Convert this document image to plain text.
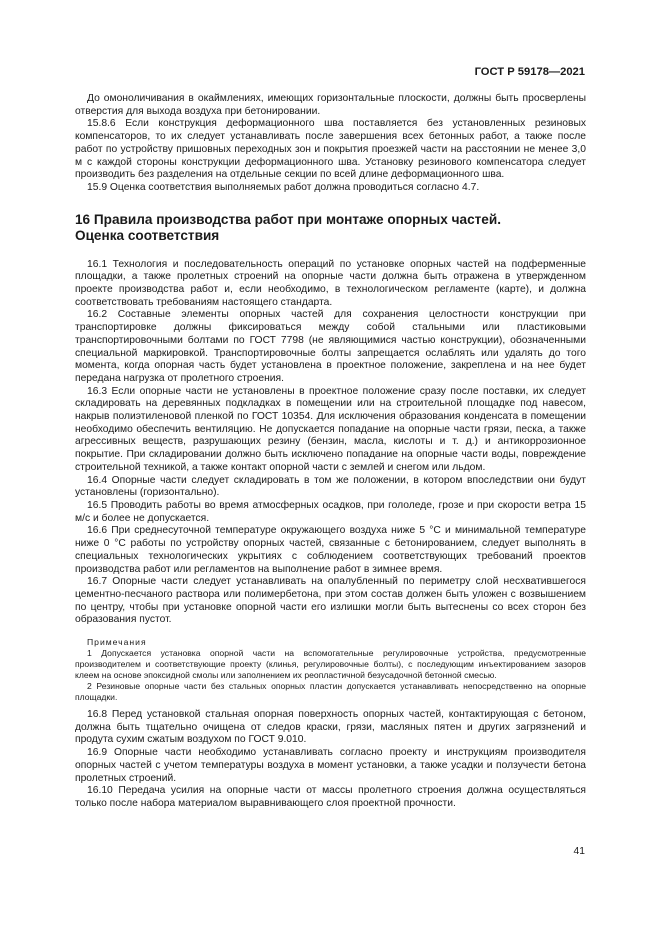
ГОСТ Р 59178—2021

До омоноличивания в окаймлениях, имеющих горизонтальные плоскости, должны быть просверлены отверстия для выхода воздуха при бетонировании.

15.8.6 Если конструкция деформационного шва поставляется без установленных резиновых компенсаторов, то их следует устанавливать после завершения всех бетонных работ, а также после работ по устройству пришовных переходных зон и покрытия проезжей части на расстоянии не менее 3,0 м с каждой стороны конструкции деформационного шва. Установку резинового компенсатора следует производить без разделения на отдельные секции по всей длине деформационного шва.

15.9 Оценка соответствия выполняемых работ должна проводиться согласно 4.7.

16 Правила производства работ при монтаже опорных частей.
Оценка соответствия

16.1 Технология и последовательность операций по установке опорных частей на подферменные площадки, а также пролетных строений на опорные части должна быть отражена в утвержденном проекте производства работ и, если необходимо, в технологическом регламенте (карте), и должна соответствовать требованиям настоящего стандарта.

16.2 Составные элементы опорных частей для сохранения целостности конструкции при транспортировке должны фиксироваться между собой стальными или пластиковыми транспортировочными болтами по ГОСТ 7798 (не являющимися частью конструкции), обозначенными специальной маркировкой. Транспортировочные болты запрещается ослаблять или удалять до того момента, когда опорная часть будет установлена в проектное положение, закреплена и на нее будет передана нагрузка от пролетного строения.

16.3 Если опорные части не установлены в проектное положение сразу после поставки, их следует складировать на деревянных подкладках в помещении или на строительной площадке под навесом, накрыв полиэтиленовой пленкой по ГОСТ 10354. Для исключения образования конденсата в помещении необходимо обеспечить вентиляцию. Не допускается попадание на опорные части грязи, песка, а также агрессивных веществ, разрушающих резину (бензин, масла, кислоты и т. д.) и антикоррозионное покрытие. При складировании должно быть исключено попадание на опорные части воды, повреждение строительной техникой, а также контакт опорной части с землей и снегом или льдом.

16.4 Опорные части следует складировать в том же положении, в котором впоследствии они будут установлены (горизонтально).

16.5 Проводить работы во время атмосферных осадков, при гололеде, грозе и при скорости ветра 15 м/с и более не допускается.

16.6 При среднесуточной температуре окружающего воздуха ниже 5 °C и минимальной температуре ниже 0 °C работы по устройству опорных частей, связанные с бетонированием, следует выполнять в специальных технологических укрытиях с соблюдением соответствующих требований проектов производства работ или регламентов на выполнение работ в зимнее время.

16.7 Опорные части следует устанавливать на опалубленный по периметру слой несхватившегося цементно-песчаного раствора или полимербетона, при этом состав должен быть уложен с возвышением по центру, чтобы при установке опорной части его излишки могли быть вытеснены со всех сторон без образования пустот.

Примечания

1 Допускается установка опорной части на вспомогательные регулировочные устройства, предусмотренные производителем и соответствующие проекту (клинья, регулировочные болты), с последующим инъектированием зазоров клеем на основе эпоксидной смолы или заполнением их реопластичной безусадочной бетонной смесью.

2 Резиновые опорные части без стальных опорных пластин допускается устанавливать непосредственно на опорные площадки.

16.8 Перед установкой стальная опорная поверхность опорных частей, контактирующая с бетоном, должна быть тщательно очищена от следов краски, грязи, масляных пятен и других загрязнений и продута сухим сжатым воздухом по ГОСТ 9.010.

16.9 Опорные части необходимо устанавливать согласно проекту и инструкциям производителя опорных частей с учетом температуры воздуха в момент установки, а также усадки и ползучести бетона пролетных строений.

16.10 Передача усилия на опорные части от массы пролетного строения должна осуществляться только после набора материалом выравнивающего слоя проектной прочности.

41
